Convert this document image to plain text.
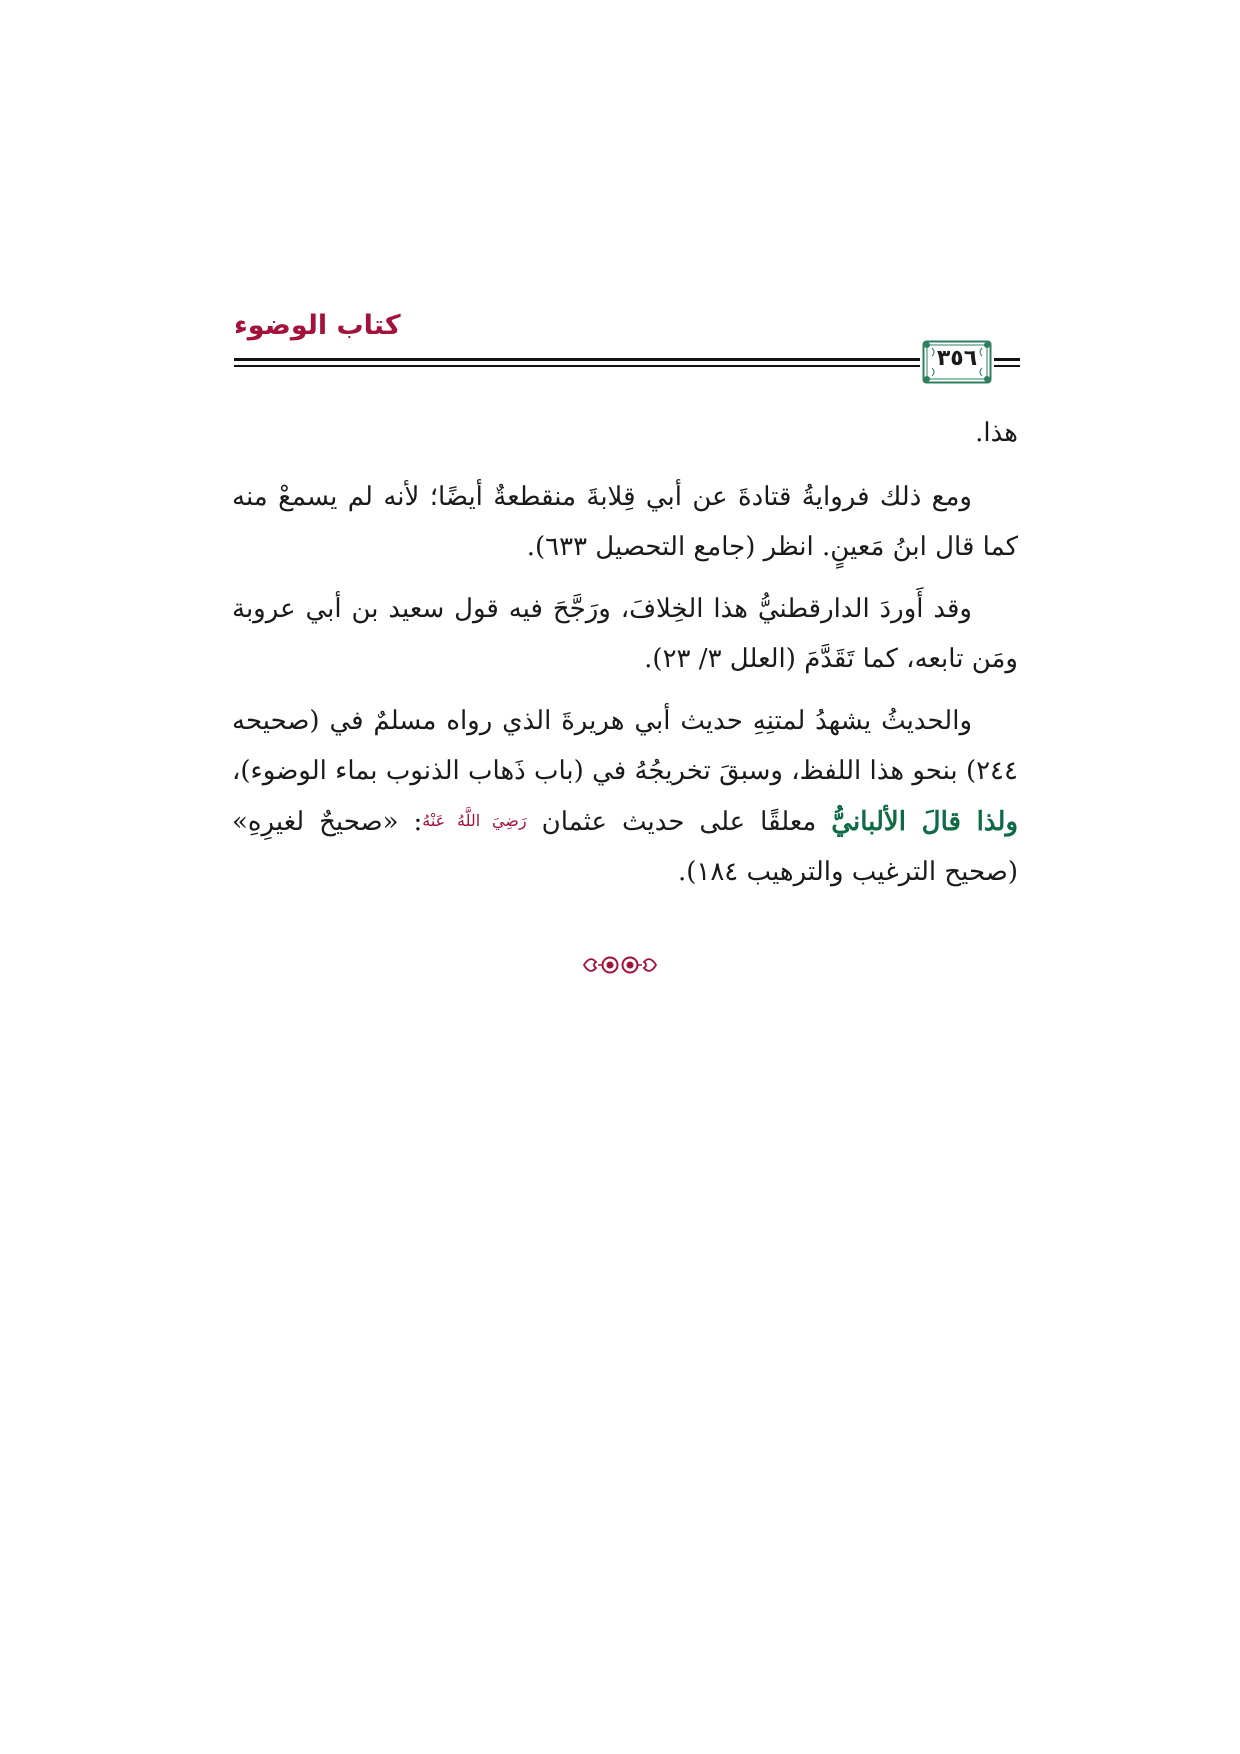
كتاب الوضوء
٣٥٦

هذا.

ومع ذلك فروايةُ قتادةَ عن أبي قِلابةَ منقطعةٌ أيضًا؛ لأنه لم يسمعْ منه كما قال ابنُ مَعينٍ. انظر (جامع التحصيل ٦٣٣).

وقد أَوردَ الدارقطنيُّ هذا الخِلافَ، ورَجَّحَ فيه قول سعيد بن أبي عروبة ومَن تابعه، كما تَقَدَّمَ (العلل ٣/ ٢٣).

والحديثُ يشهدُ لمتنِهِ حديث أبي هريرةَ الذي رواه مسلمٌ في (صحيحه ٢٤٤) بنحو هذا اللفظ، وسبقَ تخريجُهُ في (باب ذَهاب الذنوب بماء الوضوء)، ولذا قالَ الألبانيُّ معلقًا على حديث عثمان رَضِيَ اللَّهُ عَنْهُ: «صحيحٌ لغيرِهِ» (صحيح الترغيب والترهيب ١٨٤).
